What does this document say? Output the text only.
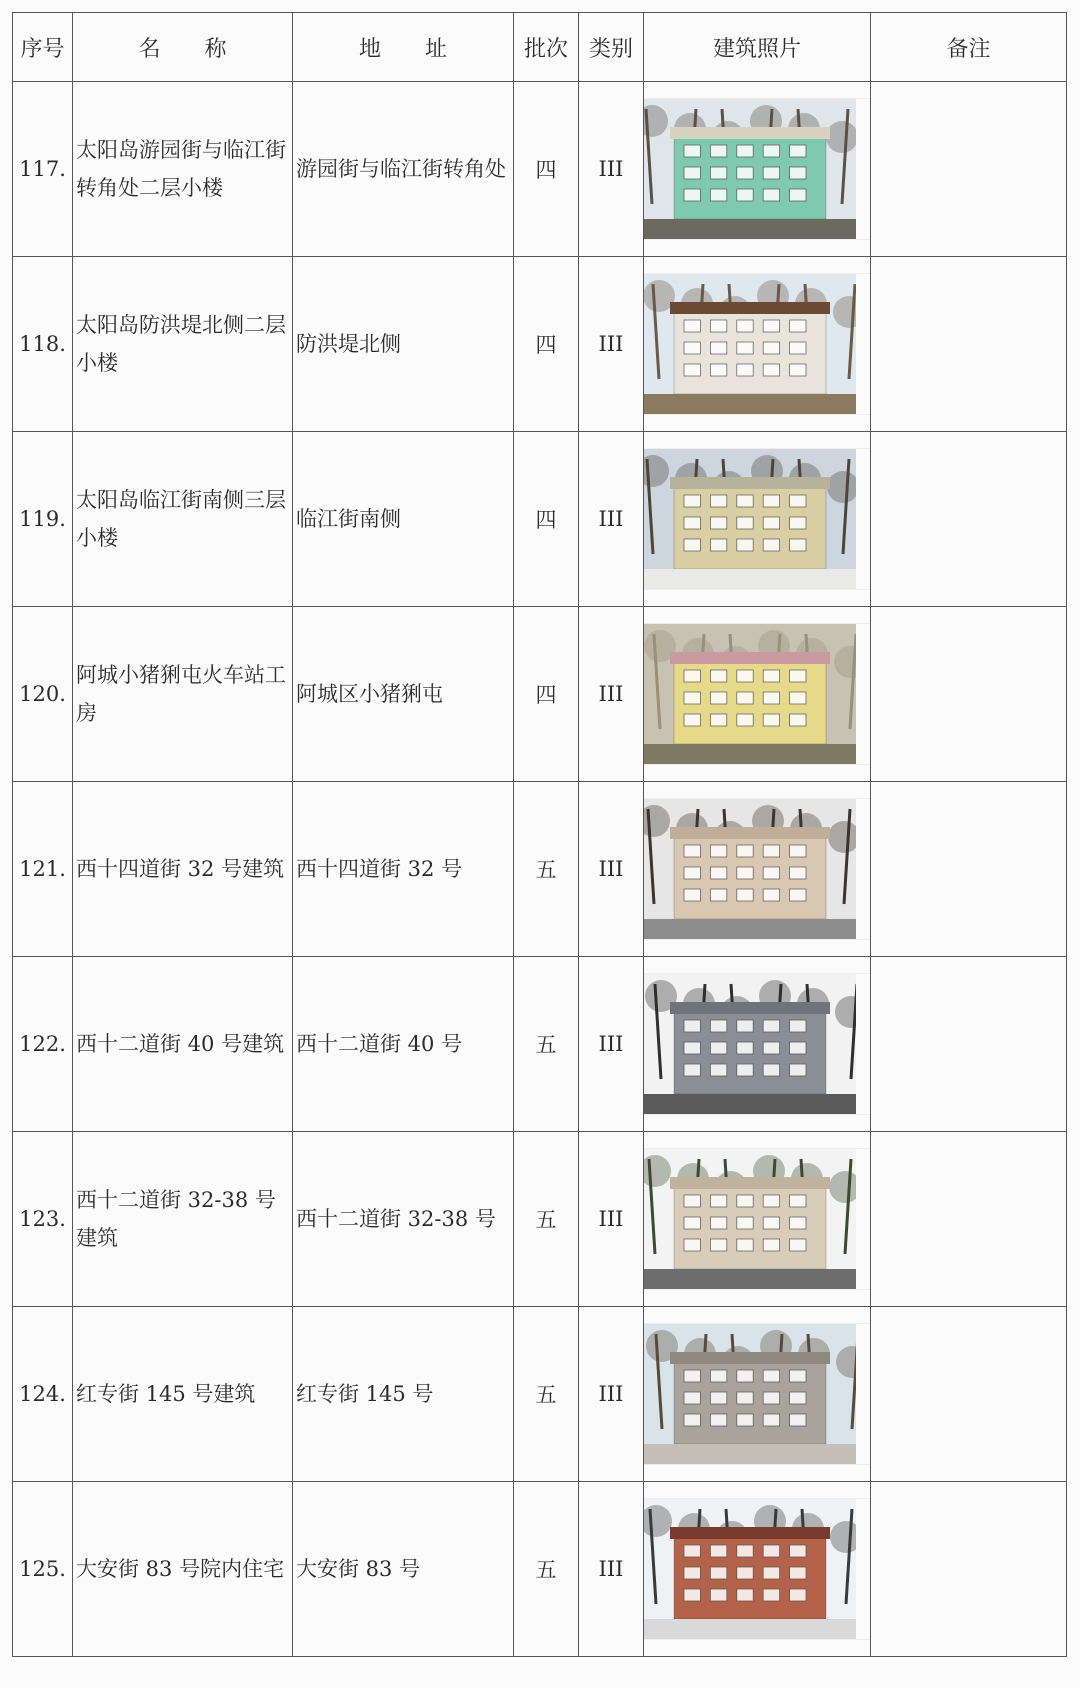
序号	名　　称	地　　址	批次	类别	建筑照片	备注
117.	太阳岛游园街与临江街转角处二层小楼	游园街与临江街转角处	四	III	

118.	太阳岛防洪堤北侧二层小楼	防洪堤北侧	四	III	

119.	太阳岛临江街南侧三层小楼	临江街南侧	四	III	

120.	阿城小猪猁屯火车站工房	阿城区小猪猁屯	四	III	

121.	西十四道街 32 号建筑	西十四道街 32 号	五	III	

122.	西十二道街 40 号建筑	西十二道街 40 号	五	III	

123.	西十二道街 32-38 号建筑	西十二道街 32-38 号	五	III	

124.	红专街 145 号建筑	红专街 145 号	五	III	

125.	大安街 83 号院内住宅	大安街 83 号	五	III	
